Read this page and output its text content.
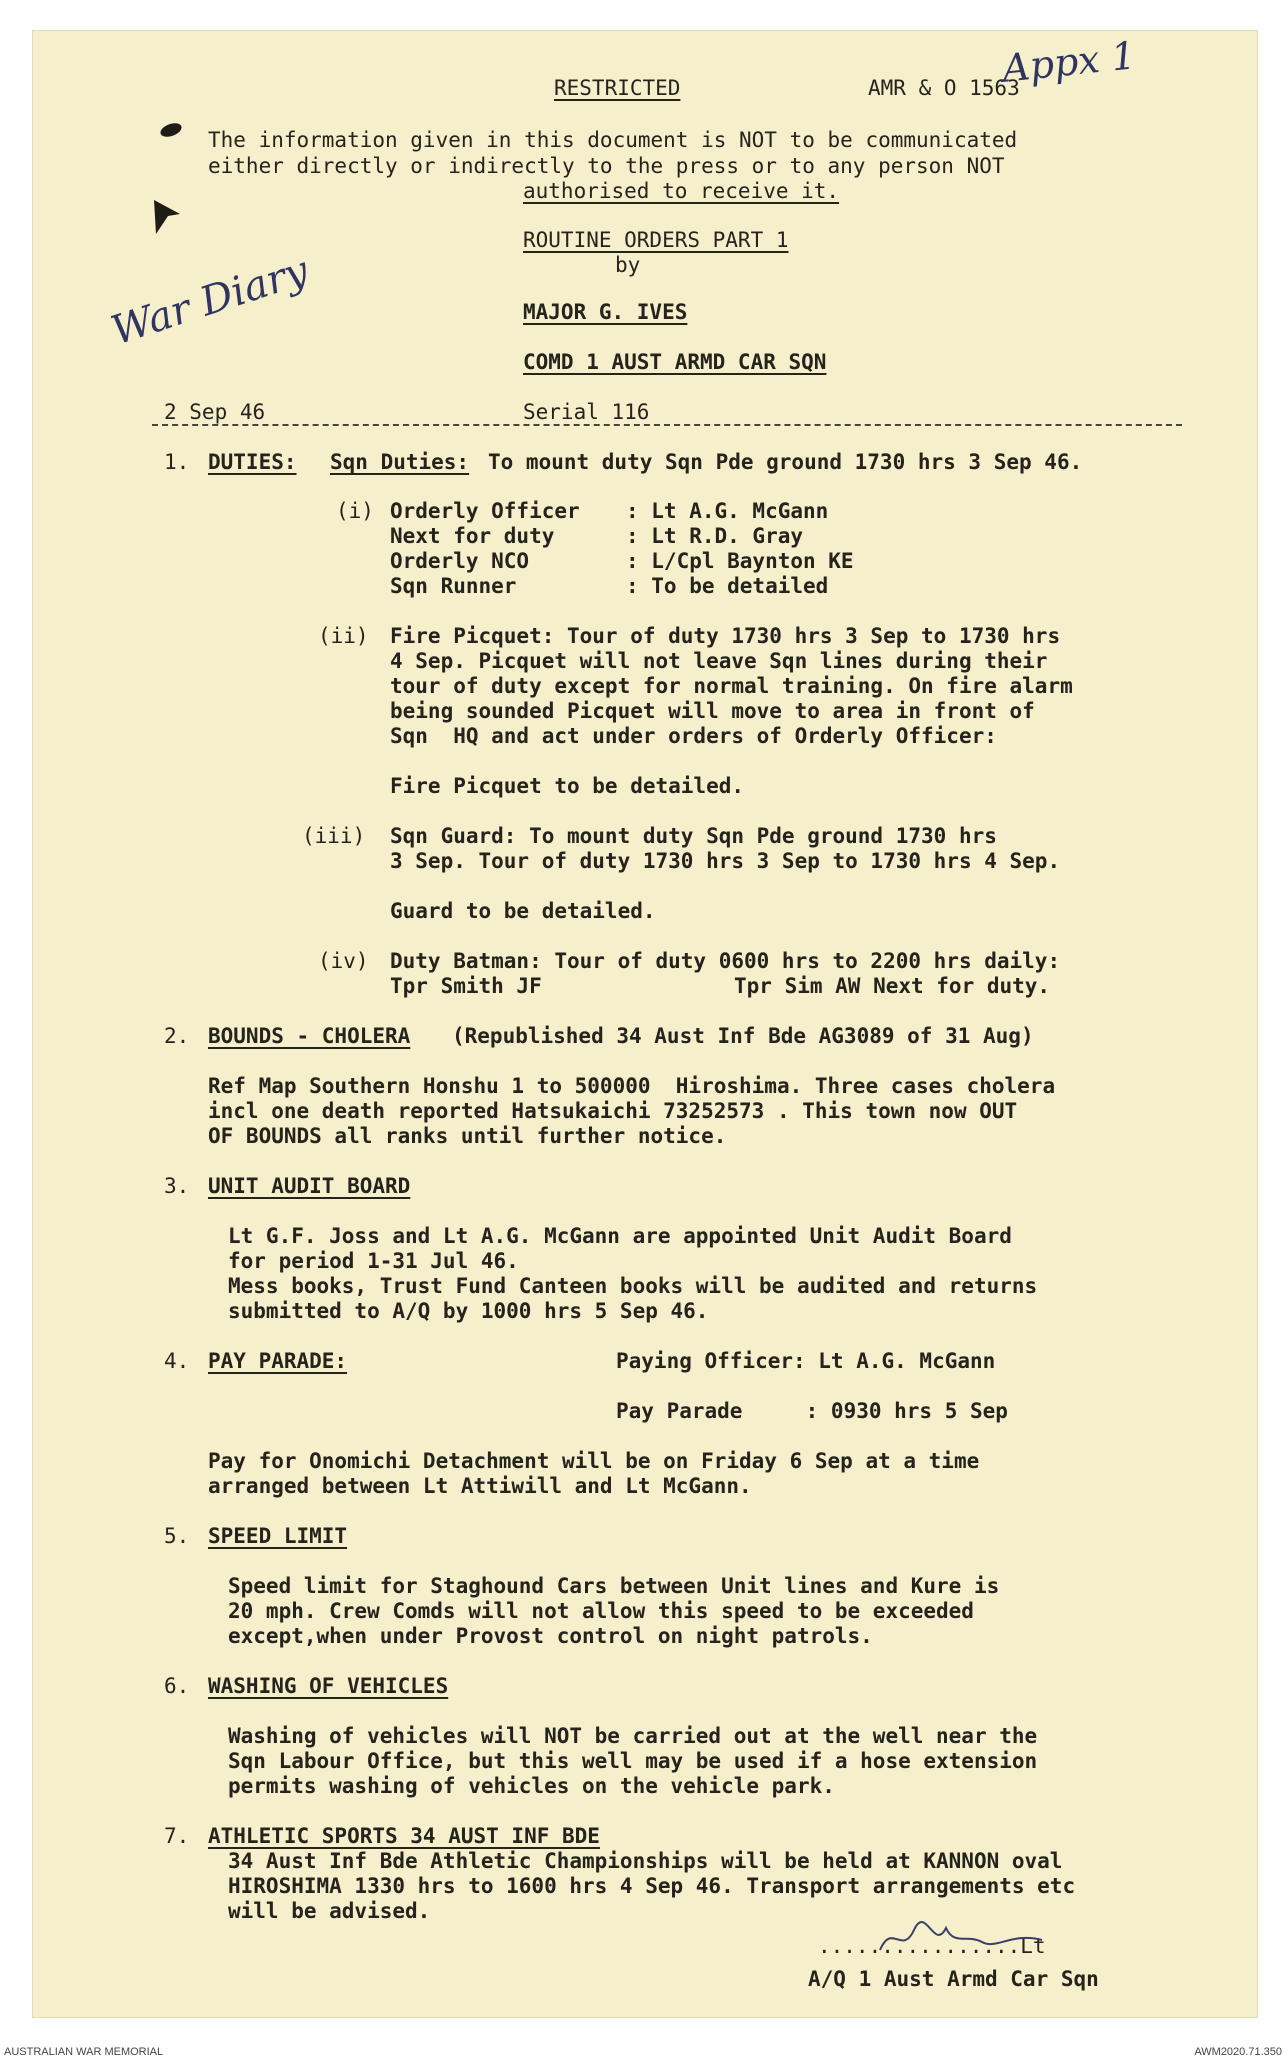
RESTRICTED	AMR & O 1563
The information given in this document is NOT to be communicated
either directly or indirectly to the press or to any person NOT
authorised to receive it.
ROUTINE ORDERS PART 1
by
MAJOR G. IVES
COMD 1 AUST ARMD CAR SQN
2 Sep 46	Serial 116
1. DUTIES: Sqn Duties: To mount duty Sqn Pde ground 1730 hrs 3 Sep 46.
(i) Orderly Officer : Lt A.G. McGann
Next for duty	: Lt R.D. Gray
Orderly NCO	: L/Cpl Baynton KE
Sqn Runner	: To be detailed
(ii) Fire Picquet: Tour of duty 1730 hrs 3 Sep to 1730 hrs
4 Sep. Picquet will not leave Sqn lines during their
tour of duty except for normal training. On fire alarm
being sounded Picquet will move to area in front of
Sqn  HQ and act under orders of Orderly Officer:
Fire Picquet to be detailed.
(iii) Sqn Guard: To mount duty Sqn Pde ground 1730 hrs
3 Sep. Tour of duty 1730 hrs 3 Sep to 1730 hrs 4 Sep.
Guard to be detailed.
(iv) Duty Batman: Tour of duty 0600 hrs to 2200 hrs daily:
Tpr Smith JF	Tpr Sim AW Next for duty.
2. BOUNDS - CHOLERA (Republished 34 Aust Inf Bde AG3089 of 31 Aug)
Ref Map Southern Honshu 1 to 500000  Hiroshima. Three cases cholera
incl one death reported Hatsukaichi 73252573 . This town now OUT
OF BOUNDS all ranks until further notice.
3. UNIT AUDIT BOARD
Lt G.F. Joss and Lt A.G. McGann are appointed Unit Audit Board
for period 1-31 Jul 46.
Mess books, Trust Fund Canteen books will be audited and returns
submitted to A/Q by 1000 hrs 5 Sep 46.
4. PAY PARADE:	Paying Officer: Lt A.G. McGann
Pay Parade     : 0930 hrs 5 Sep
Pay for Onomichi Detachment will be on Friday 6 Sep at a time
arranged between Lt Attiwill and Lt McGann.
5. SPEED LIMIT
Speed limit for Staghound Cars between Unit lines and Kure is
20 mph. Crew Comds will not allow this speed to be exceeded
except,when under Provost control on night patrols.
6. WASHING OF VEHICLES
Washing of vehicles will NOT be carried out at the well near the
Sqn Labour Office, but this well may be used if a hose extension
permits washing of vehicles on the vehicle park.
7. ATHLETIC SPORTS 34 AUST INF BDE
34 Aust Inf Bde Athletic Championships will be held at KANNON oval
HIROSHIMA 1330 hrs to 1600 hrs 4 Sep 46. Transport arrangements etc
will be advised.
................Lt
A/Q 1 Aust Armd Car Sqn
Appx 1
War Diary
AUSTRALIAN WAR MEMORIAL	AWM2020.71.350
